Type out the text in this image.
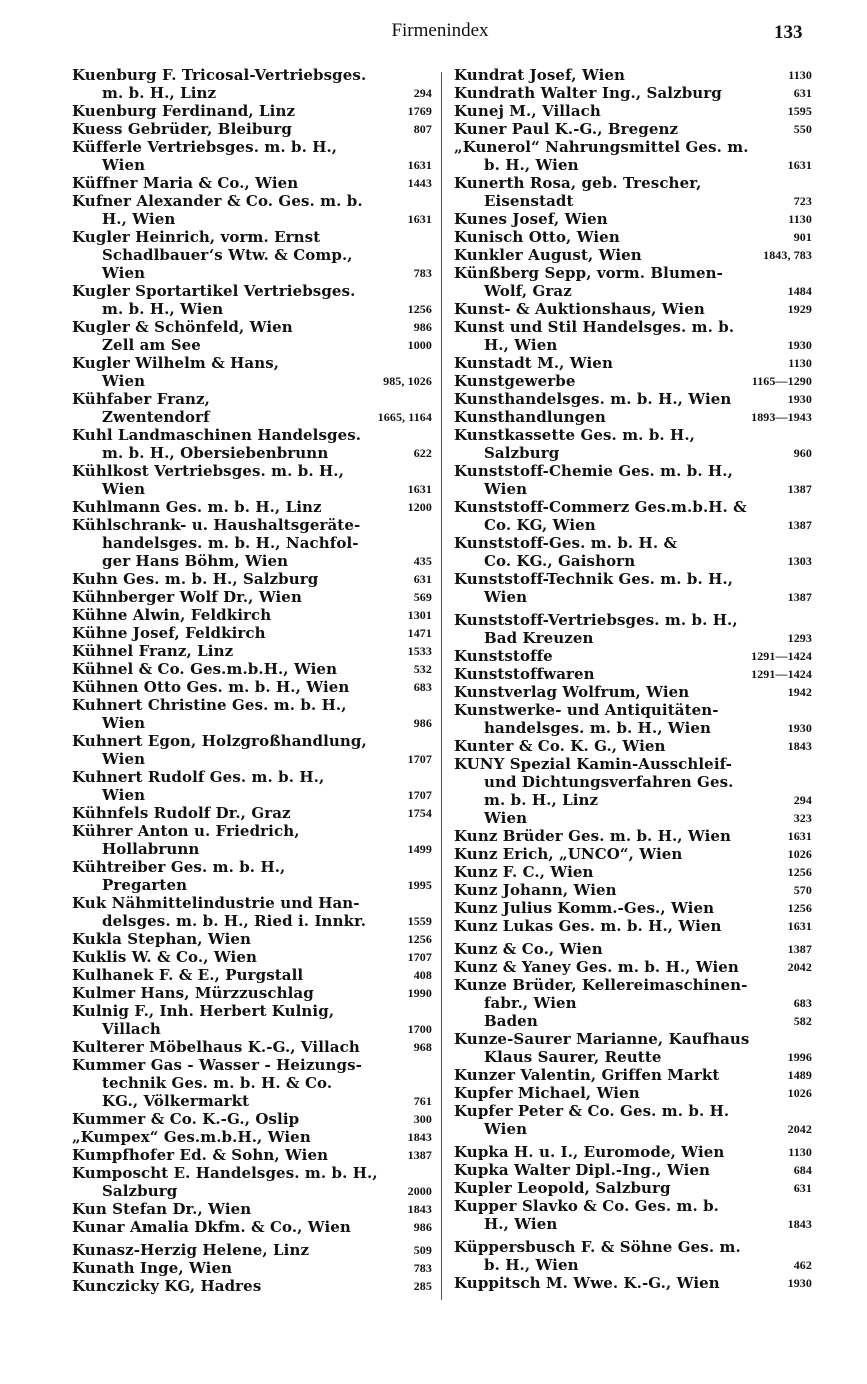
Firmenindex	133
Kuenburg F. Tricosal-Vertriebsges.
m. b. H., Linz	294
Kuenburg Ferdinand, Linz	1769
Kuess Gebrüder, Bleiburg	807
Küfferle Vertriebsges. m. b. H.,
Wien	1631
Küffner Maria & Co., Wien	1443
Kufner Alexander & Co. Ges. m. b.
H., Wien	1631
Kugler Heinrich, vorm. Ernst
Schadlbauer‘s Wtw. & Comp.,
Wien	783
Kugler Sportartikel Vertriebsges.
m. b. H., Wien	1256
Kugler & Schönfeld, Wien	986
Zell am See	1000
Kugler Wilhelm & Hans,
Wien	985, 1026
Kühfaber Franz,
Zwentendorf	1665, 1164
Kuhl Landmaschinen Handelsges.
m. b. H., Obersiebenbrunn	622
Kühlkost Vertriebsges. m. b. H.,
Wien	1631
Kuhlmann Ges. m. b. H., Linz	1200
Kühlschrank- u. Haushaltsgeräte-
handelsges. m. b. H., Nachfol-
ger Hans Böhm, Wien	435
Kuhn Ges. m. b. H., Salzburg	631
Kühnberger Wolf Dr., Wien	569
Kühne Alwin, Feldkirch	1301
Kühne Josef, Feldkirch	1471
Kühnel Franz, Linz	1533
Kühnel & Co. Ges.m.b.H., Wien	532
Kühnen Otto Ges. m. b. H., Wien	683
Kuhnert Christine Ges. m. b. H.,
Wien	986
Kuhnert Egon, Holzgroßhandlung,
Wien	1707
Kuhnert Rudolf Ges. m. b. H.,
Wien	1707
Kühnfels Rudolf Dr., Graz	1754
Kührer Anton u. Friedrich,
Hollabrunn	1499
Kühtreiber Ges. m. b. H.,
Pregarten	1995
Kuk Nähmittelindustrie und Han-
delsges. m. b. H., Ried i. Innkr.	1559
Kukla Stephan, Wien	1256
Kuklis W. & Co., Wien	1707
Kulhanek F. & E., Purgstall	408
Kulmer Hans, Mürzzuschlag	1990
Kulnig F., Inh. Herbert Kulnig,
Villach	1700
Kulterer Möbelhaus K.-G., Villach	968
Kummer Gas - Wasser - Heizungs-
technik Ges. m. b. H. & Co.
KG., Völkermarkt	761
Kummer & Co. K.-G., Oslip	300
„Kumpex“ Ges.m.b.H., Wien	1843
Kumpfhofer Ed. & Sohn, Wien	1387
Kumposcht E. Handelsges. m. b. H.,
Salzburg	2000
Kun Stefan Dr., Wien	1843
Kunar Amalia Dkfm. & Co., Wien	986
Kunasz-Herzig Helene, Linz	509
Kunath Inge, Wien	783
Kunczicky KG, Hadres	285
Kundrat Josef, Wien	1130
Kundrath Walter Ing., Salzburg	631
Kunej M., Villach	1595
Kuner Paul K.-G., Bregenz	550
„Kunerol“ Nahrungsmittel Ges. m.
b. H., Wien	1631
Kunerth Rosa, geb. Trescher,
Eisenstadt	723
Kunes Josef, Wien	1130
Kunisch Otto, Wien	901
Kunkler August, Wien	1843, 783
Künßberg Sepp, vorm. Blumen-
Wolf, Graz	1484
Kunst- & Auktionshaus, Wien	1929
Kunst und Stil Handelsges. m. b.
H., Wien	1930
Kunstadt M., Wien	1130
Kunstgewerbe	1165—1290
Kunsthandelsges. m. b. H., Wien	1930
Kunsthandlungen	1893—1943
Kunstkassette Ges. m. b. H.,
Salzburg	960
Kunststoff-Chemie Ges. m. b. H.,
Wien	1387
Kunststoff-Commerz Ges.m.b.H. &
Co. KG, Wien	1387
Kunststoff-Ges. m. b. H. &
Co. KG., Gaishorn	1303
Kunststoff-Technik Ges. m. b. H.,
Wien	1387
Kunststoff-Vertriebsges. m. b. H.,
Bad Kreuzen	1293
Kunststoffe	1291—1424
Kunststoffwaren	1291—1424
Kunstverlag Wolfrum, Wien	1942
Kunstwerke- und Antiquitäten-
handelsges. m. b. H., Wien	1930
Kunter & Co. K. G., Wien	1843
KUNY Spezial Kamin-Ausschleif-
und Dichtungsverfahren Ges.
m. b. H., Linz	294
Wien	323
Kunz Brüder Ges. m. b. H., Wien	1631
Kunz Erich, „UNCO“, Wien	1026
Kunz F. C., Wien	1256
Kunz Johann, Wien	570
Kunz Julius Komm.-Ges., Wien	1256
Kunz Lukas Ges. m. b. H., Wien	1631
Kunz & Co., Wien	1387
Kunz & Yaney Ges. m. b. H., Wien	2042
Kunze Brüder, Kellereimaschinen-
fabr., Wien	683
Baden	582
Kunze-Saurer Marianne, Kaufhaus
Klaus Saurer, Reutte	1996
Kunzer Valentin, Griffen Markt	1489
Kupfer Michael, Wien	1026
Kupfer Peter & Co. Ges. m. b. H.
Wien	2042
Kupka H. u. I., Euromode, Wien	1130
Kupka Walter Dipl.-Ing., Wien	684
Kupler Leopold, Salzburg	631
Kupper Slavko & Co. Ges. m. b.
H., Wien	1843
Küppersbusch F. & Söhne Ges. m.
b. H., Wien	462
Kuppitsch M. Wwe. K.-G., Wien	1930
